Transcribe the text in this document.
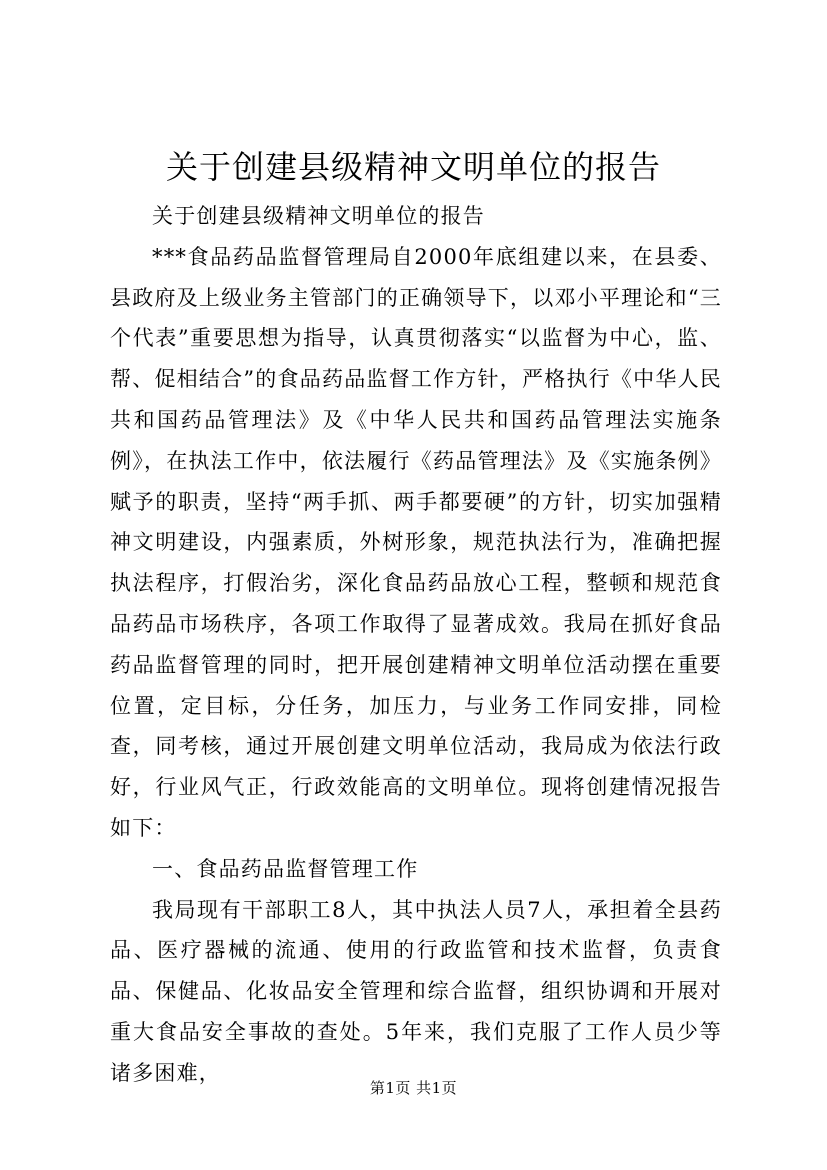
关于创建县级精神文明单位的报告

关于创建县级精神文明单位的报告

***食品药品监督管理局自2000年底组建以来，在县委、县政府及上级业务主管部门的正确领导下，以邓小平理论和“三个代表”重要思想为指导，认真贯彻落实“以监督为中心，监、帮、促相结合”的食品药品监督工作方针，严格执行《中华人民共和国药品管理法》及《中华人民共和国药品管理法实施条例》，在执法工作中，依法履行《药品管理法》及《实施条例》赋予的职责，坚持“两手抓、两手都要硬”的方针，切实加强精神文明建设，内强素质，外树形象，规范执法行为，准确把握执法程序，打假治劣，深化食品药品放心工程，整顿和规范食品药品市场秩序，各项工作取得了显著成效。我局在抓好食品药品监督管理的同时，把开展创建精神文明单位活动摆在重要位置，定目标，分任务，加压力，与业务工作同安排，同检查，同考核，通过开展创建文明单位活动，我局成为依法行政好，行业风气正，行政效能高的文明单位。现将创建情况报告如下：

一、食品药品监督管理工作

我局现有干部职工8人，其中执法人员7人，承担着全县药品、医疗器械的流通、使用的行政监管和技术监督，负责食品、保健品、化妆品安全管理和综合监督，组织协调和开展对重大食品安全事故的查处。5年来，我们克服了工作人员少等诸多困难，

第1页 共1页
